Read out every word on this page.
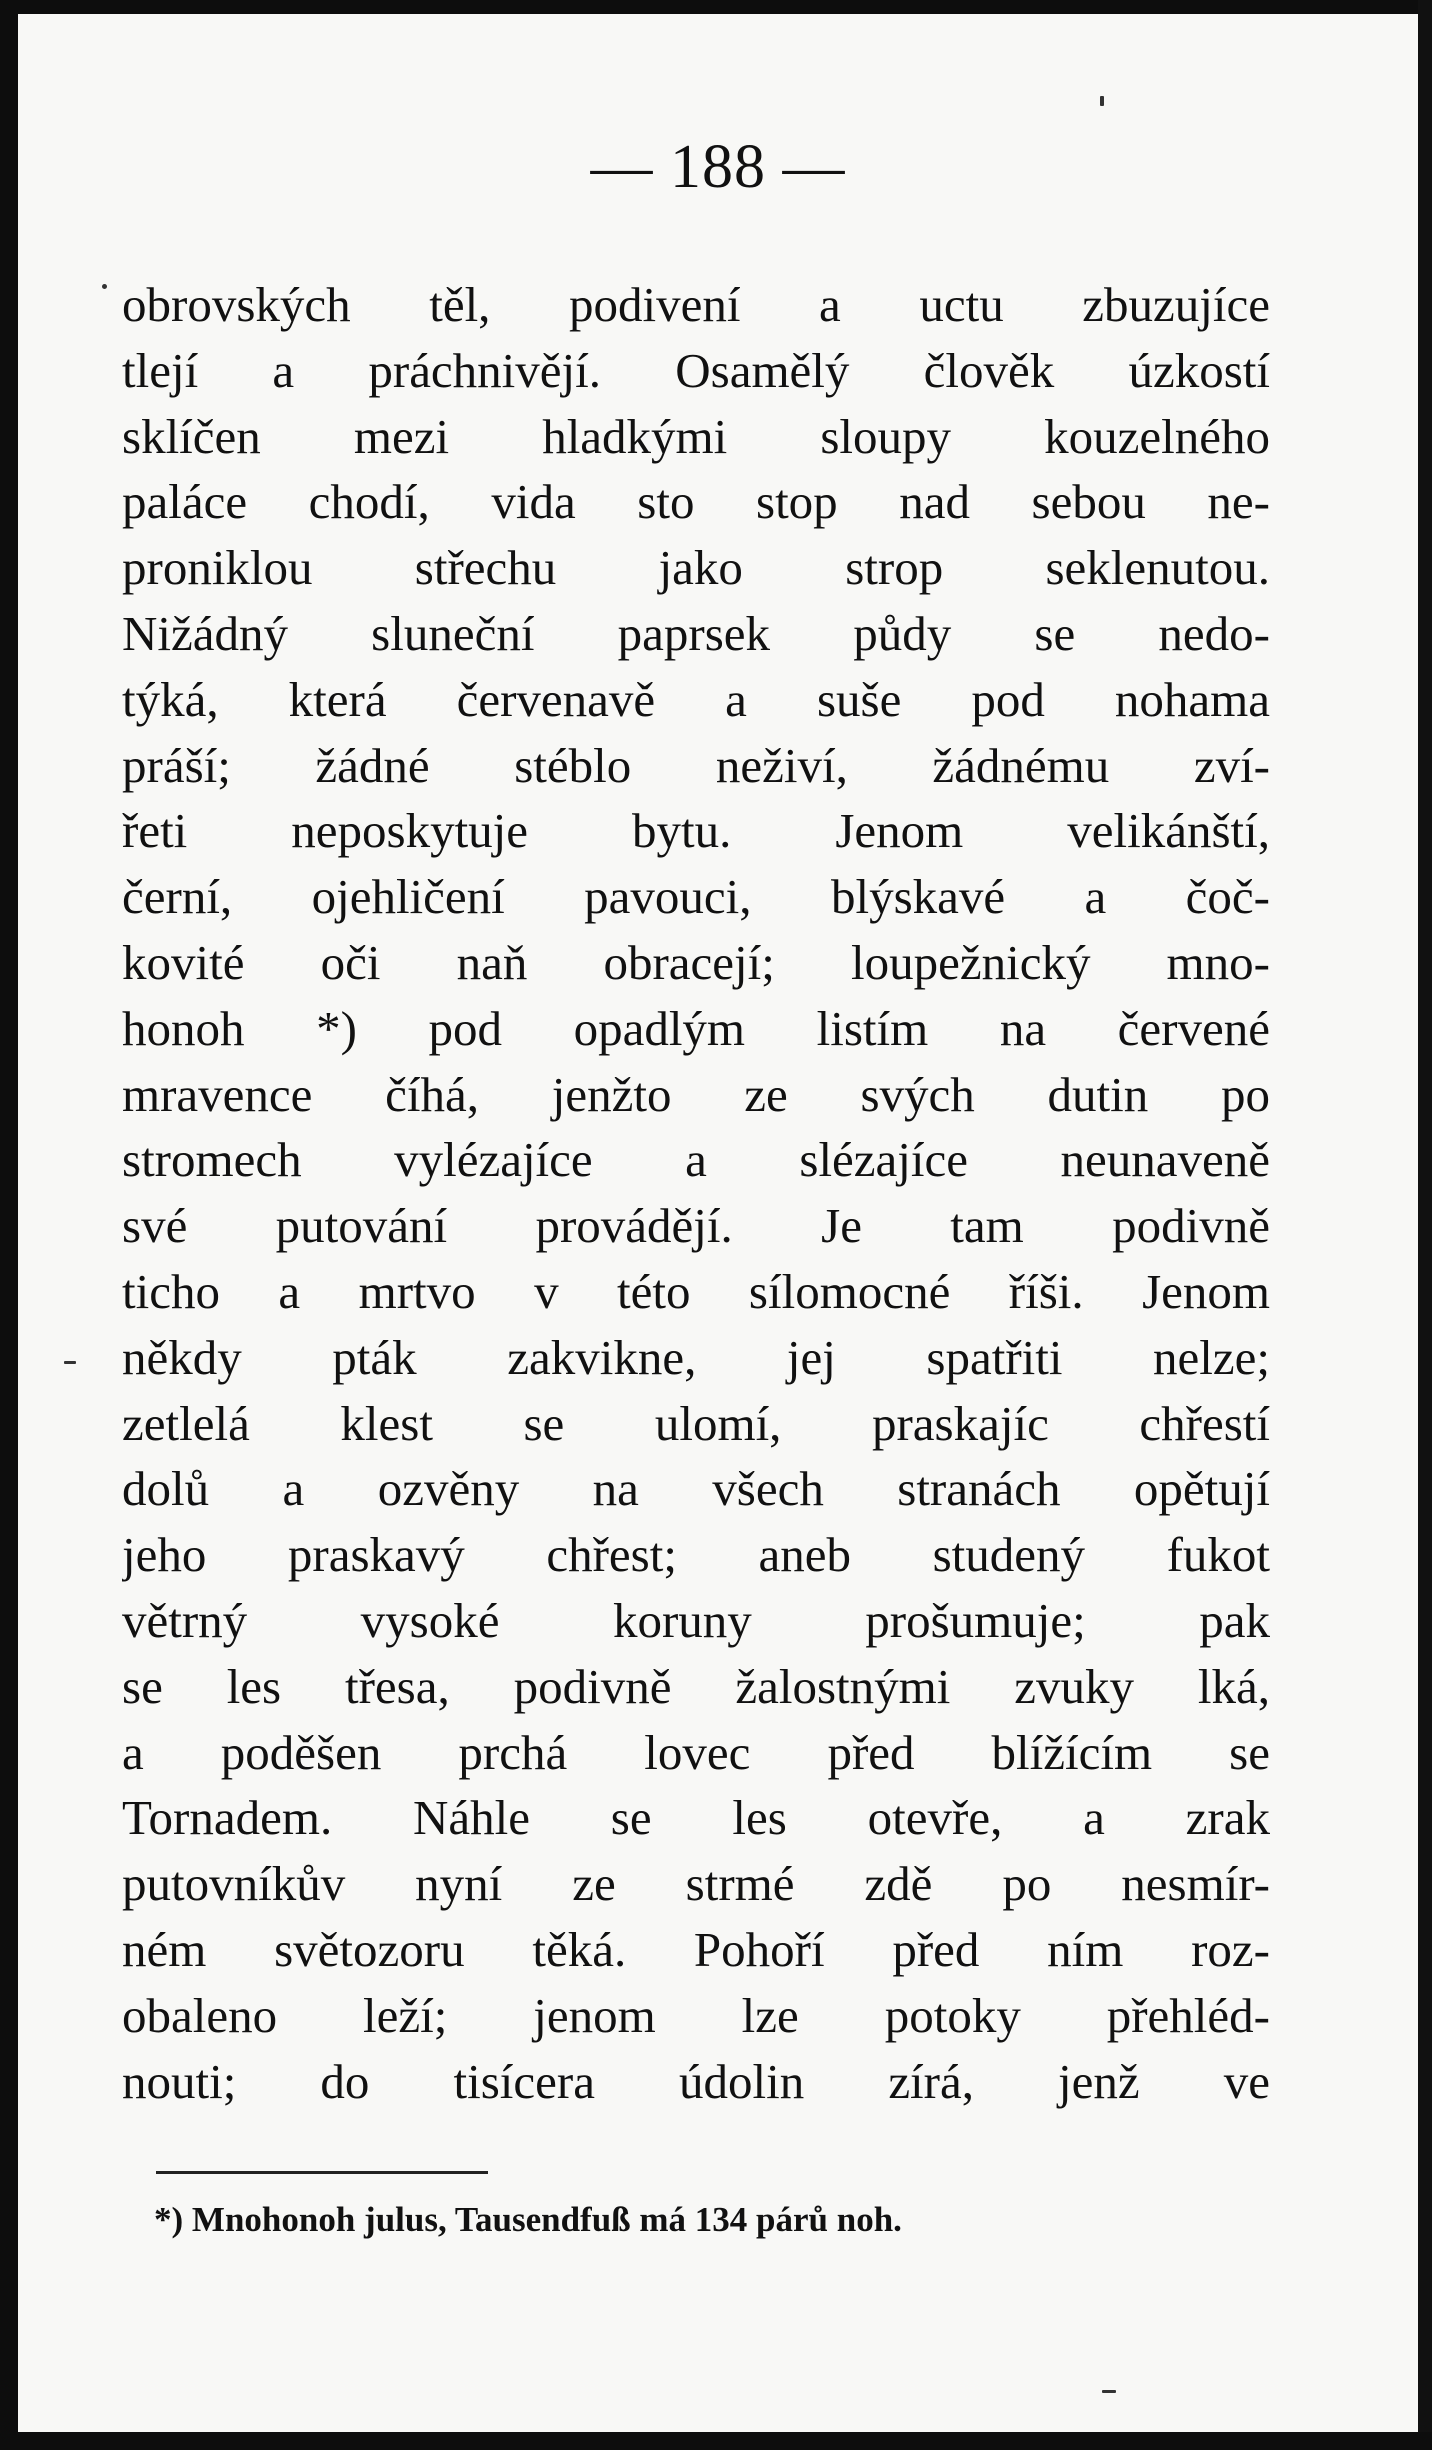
— 188 —
obrovských těl, podivení a uctu zbuzujíce
tlejí a práchnivějí. Osamělý člověk úzkostí
sklíčen mezi hladkými sloupy kouzelného
paláce chodí, vida sto stop nad sebou ne-
proniklou střechu jako strop seklenutou.
Nižádný sluneční paprsek půdy se nedo-
týká, která červenavě a suše pod nohama
práší; žádné stéblo neživí, žádnému zví-
řeti neposkytuje bytu. Jenom velikánští,
černí, ojehličení pavouci, blýskavé a čoč-
kovité oči naň obracejí; loupežnický mno-
honoh *) pod opadlým listím na červené
mravence číhá, jenžto ze svých dutin po
stromech vylézajíce a slézajíce neunaveně
své putování provádějí. Je tam podivně
ticho a mrtvo v této sílomocné říši. Jenom
někdy pták zakvikne, jej spatřiti nelze;
zetlelá klest se ulomí, praskajíc chřestí
dolů a ozvěny na všech stranách opětují
jeho praskavý chřest; aneb studený fukot
větrný vysoké koruny prošumuje; pak
se les třesa, podivně žalostnými zvuky lká,
a poděšen prchá lovec před blížícím se
Tornadem. Náhle se les otevře, a zrak
putovníkův nyní ze strmé zdě po nesmír-
ném světozoru těká. Pohoří před ním roz-
obaleno leží; jenom lze potoky přehléd-
nouti; do tisícera údolin zírá, jenž ve
*) Mnohonoh julus, Tausendfuß má 134 párů noh.
